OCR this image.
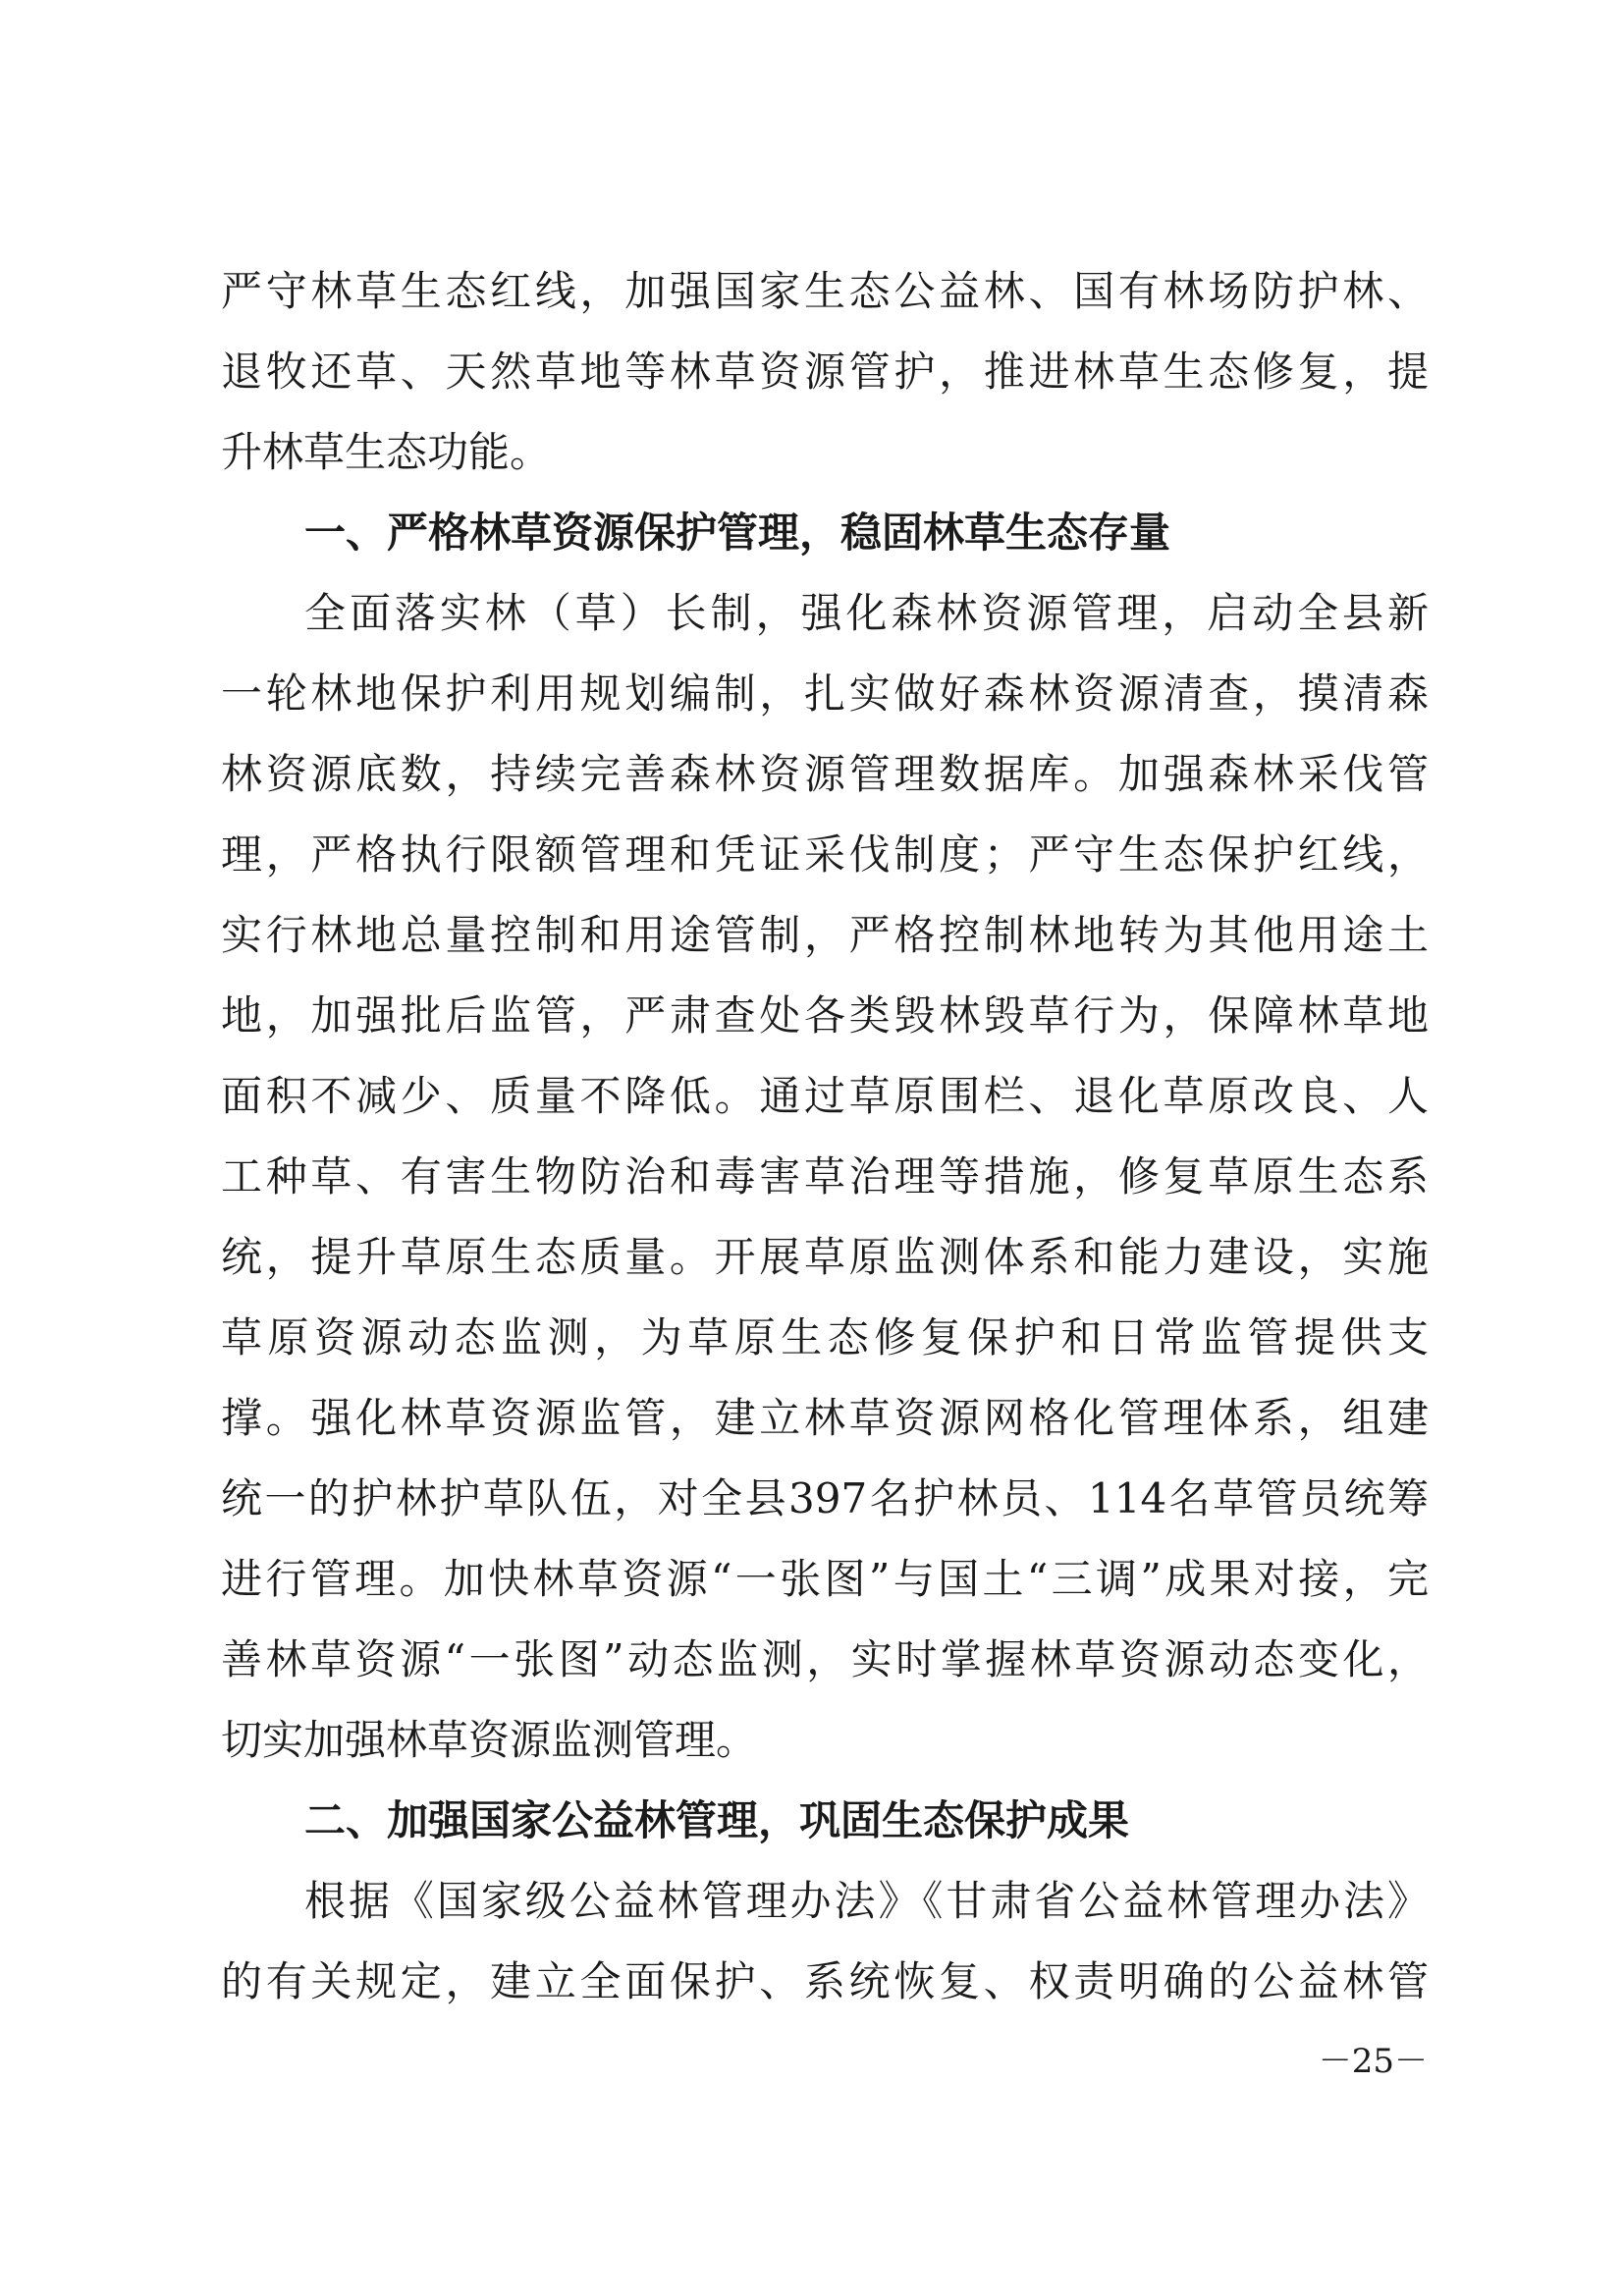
严守林草生态红线，加强国家生态公益林、国有林场防护林、
退牧还草、天然草地等林草资源管护，推进林草生态修复，提
升林草生态功能。
一、严格林草资源保护管理，稳固林草生态存量
全面落实林（草）长制，强化森林资源管理，启动全县新
一轮林地保护利用规划编制，扎实做好森林资源清查，摸清森
林资源底数，持续完善森林资源管理数据库。加强森林采伐管
理，严格执行限额管理和凭证采伐制度；严守生态保护红线，
实行林地总量控制和用途管制，严格控制林地转为其他用途土
地，加强批后监管，严肃查处各类毁林毁草行为，保障林草地
面积不减少、质量不降低。通过草原围栏、退化草原改良、人
工种草、有害生物防治和毒害草治理等措施，修复草原生态系
统，提升草原生态质量。开展草原监测体系和能力建设，实施
草原资源动态监测，为草原生态修复保护和日常监管提供支
撑。强化林草资源监管，建立林草资源网格化管理体系，组建
统一的护林护草队伍，对全县397名护林员、114名草管员统筹
进行管理。加快林草资源“一张图”与国土“三调”成果对接，完
善林草资源“一张图”动态监测，实时掌握林草资源动态变化，
切实加强林草资源监测管理。
二、加强国家公益林管理，巩固生态保护成果
根据《国家级公益林管理办法》《甘肃省公益林管理办法》
的有关规定，建立全面保护、系统恢复、权责明确的公益林管
－25－
